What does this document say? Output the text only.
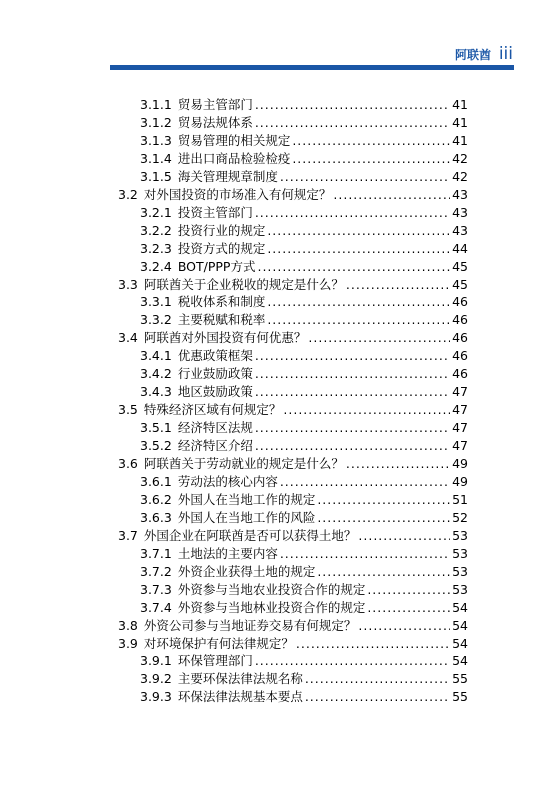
阿联酋 iii
3.1.1 贸易主管部门 .....	41
3.1.2 贸易法规体系 .....	41
3.1.3 贸易管理的相关规定 .....	41
3.1.4 进出口商品检验检疫 .....	42
3.1.5 海关管理规章制度 .....	42
3.2 对外国投资的市场准入有何规定？ .....	43
3.2.1 投资主管部门 .....	43
3.2.2 投资行业的规定 .....	43
3.2.3 投资方式的规定 .....	44
3.2.4 BOT/PPP方式 .....	45
3.3 阿联酋关于企业税收的规定是什么？ .....	45
3.3.1 税收体系和制度 .....	46
3.3.2 主要税赋和税率 .....	46
3.4 阿联酋对外国投资有何优惠？ .....	46
3.4.1 优惠政策框架 .....	46
3.4.2 行业鼓励政策 .....	46
3.4.3 地区鼓励政策 .....	47
3.5 特殊经济区域有何规定？ .....	47
3.5.1 经济特区法规 .....	47
3.5.2 经济特区介绍 .....	47
3.6 阿联酋关于劳动就业的规定是什么？ .....	49
3.6.1 劳动法的核心内容 .....	49
3.6.2 外国人在当地工作的规定 .....	51
3.6.3 外国人在当地工作的风险 .....	52
3.7 外国企业在阿联酋是否可以获得土地？ .....	53
3.7.1 土地法的主要内容 .....	53
3.7.2 外资企业获得土地的规定 .....	53
3.7.3 外资参与当地农业投资合作的规定 .....	53
3.7.4 外资参与当地林业投资合作的规定 .....	54
3.8 外资公司参与当地证券交易有何规定？ .....	54
3.9 对环境保护有何法律规定？ .....	54
3.9.1 环保管理部门 .....	54
3.9.2 主要环保法律法规名称 .....	55
3.9.3 环保法律法规基本要点 .....	55
